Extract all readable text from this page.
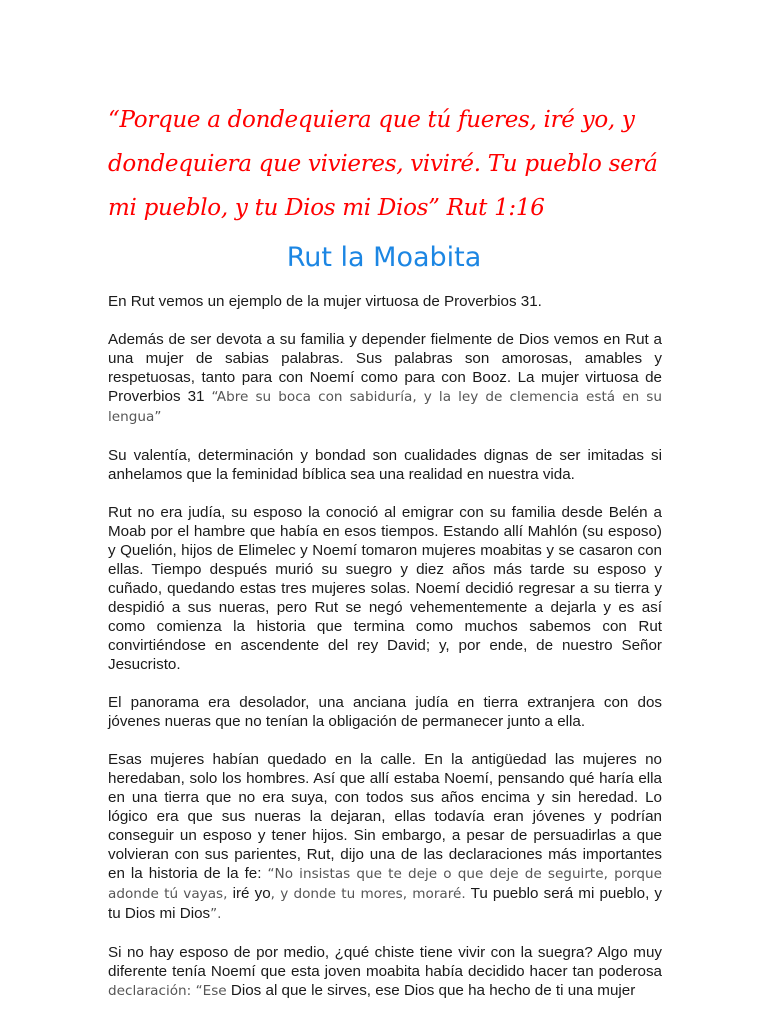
“Porque a dondequiera que tú fueres, iré yo, y dondequiera que vivieres, viviré. Tu pueblo será mi pueblo, y tu Dios mi Dios” Rut 1:16

Rut la Moabita

En Rut vemos un ejemplo de la mujer virtuosa de Proverbios 31.

Además de ser devota a su familia y depender fielmente de Dios vemos en Rut a una mujer de sabias palabras. Sus palabras son amorosas, amables y respetuosas, tanto para con Noemí como para con Booz. La mujer virtuosa de Proverbios 31 “Abre su boca con sabiduría, y la ley de clemencia está en su lengua”

Su valentía, determinación y bondad son cualidades dignas de ser imitadas si anhelamos que la feminidad bíblica sea una realidad en nuestra vida.

Rut no era judía, su esposo la conoció al emigrar con su familia desde Belén a Moab por el hambre que había en esos tiempos. Estando allí Mahlón (su esposo) y Quelión, hijos de Elimelec y Noemí tomaron mujeres moabitas y se casaron con ellas. Tiempo después murió su suegro y diez años más tarde su esposo y cuñado, quedando estas tres mujeres solas. Noemí decidió regresar a su tierra y despidió a sus nueras, pero Rut se negó vehementemente a dejarla y es así como comienza la historia que termina como muchos sabemos con Rut convirtiéndose en ascendente del rey David; y, por ende, de nuestro Señor Jesucristo.

El panorama era desolador, una anciana judía en tierra extranjera con dos jóvenes nueras que no tenían la obligación de permanecer junto a ella.

Esas mujeres habían quedado en la calle. En la antigüedad las mujeres no heredaban, solo los hombres. Así que allí estaba Noemí, pensando qué haría ella en una tierra que no era suya, con todos sus años encima y sin heredad. Lo lógico era que sus nueras la dejaran, ellas todavía eran jóvenes y podrían conseguir un esposo y tener hijos. Sin embargo, a pesar de persuadirlas a que volvieran con sus parientes, Rut, dijo una de las declaraciones más importantes en la historia de la fe: “No insistas que te deje o que deje de seguirte, porque adonde tú vayas, iré yo, y donde tu mores, moraré. Tu pueblo será mi pueblo, y tu Dios mi Dios”.

Si no hay esposo de por medio, ¿qué chiste tiene vivir con la suegra? Algo muy diferente tenía Noemí que esta joven moabita había decidido hacer tan poderosa declaración: “Ese Dios al que le sirves, ese Dios que ha hecho de ti una mujer
